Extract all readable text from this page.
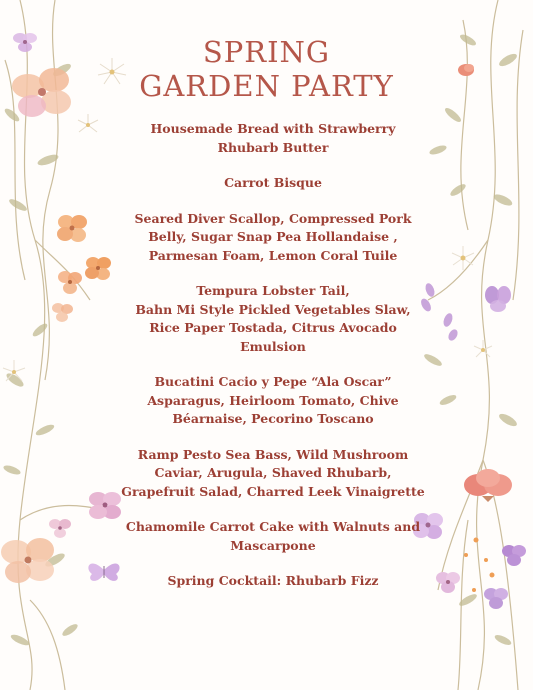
SPRING
GARDEN PARTY
Housemade Bread with Strawberry
Rhubarb Butter
Carrot Bisque
Seared Diver Scallop, Compressed Pork
Belly, Sugar Snap Pea Hollandaise ,
Parmesan Foam, Lemon Coral Tuile
Tempura Lobster Tail,
Bahn Mi Style Pickled Vegetables Slaw,
Rice Paper Tostada, Citrus Avocado
Emulsion
Bucatini Cacio y Pepe “Ala Oscar”
Asparagus, Heirloom Tomato, Chive
Béarnaise, Pecorino Toscano
Ramp Pesto Sea Bass, Wild Mushroom
Caviar, Arugula, Shaved Rhubarb,
Grapefruit Salad, Charred Leek Vinaigrette
Chamomile Carrot Cake with Walnuts and
Mascarpone
Spring Cocktail: Rhubarb Fizz
